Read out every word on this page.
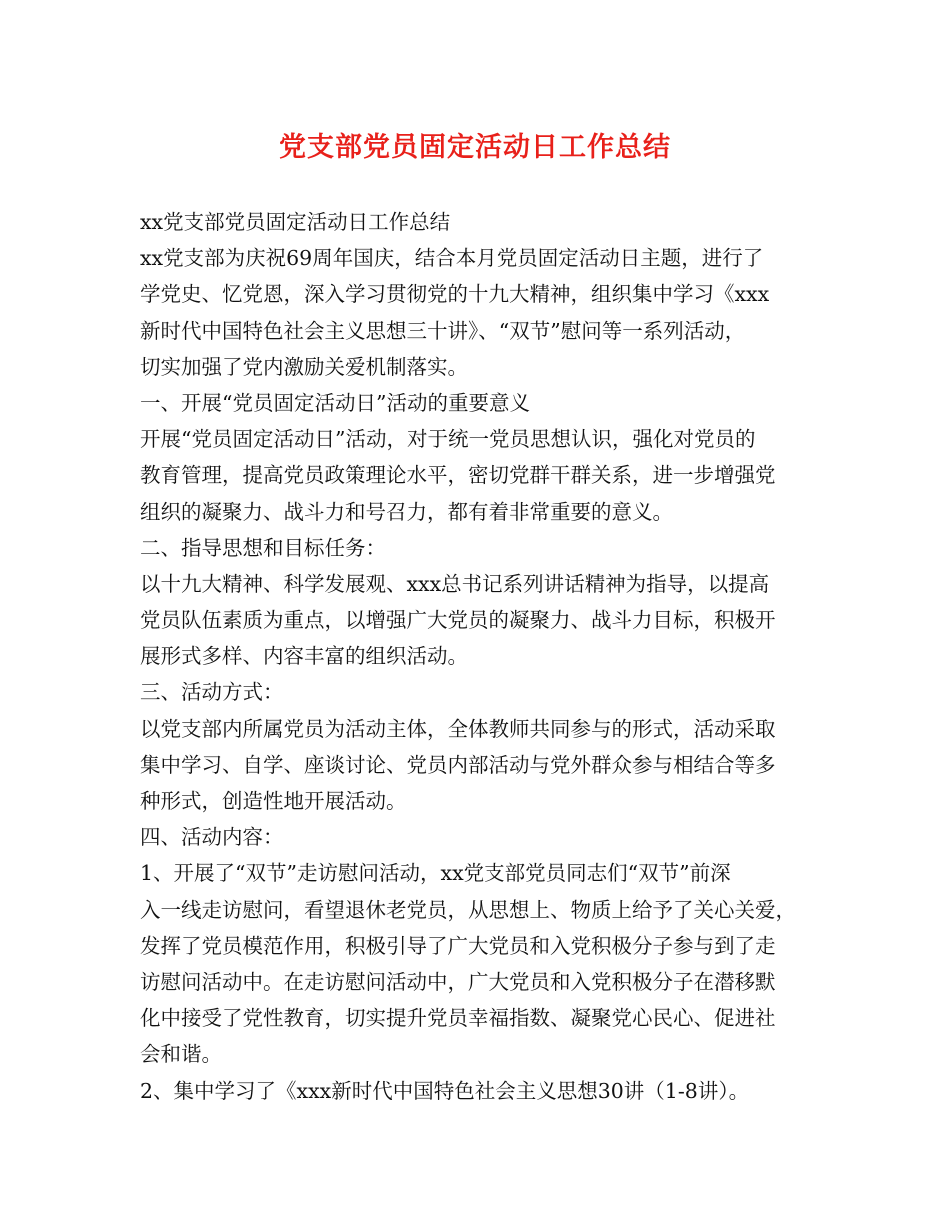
党支部党员固定活动日工作总结
xx党支部党员固定活动日工作总结
xx党支部为庆祝69周年国庆，结合本月党员固定活动日主题，进行了
学党史、忆党恩，深入学习贯彻党的十九大精神，组织集中学习《xxx
新时代中国特色社会主义思想三十讲》、“双节”慰问等一系列活动，
切实加强了党内激励关爱机制落实。
一、开展“党员固定活动日”活动的重要意义
开展“党员固定活动日”活动，对于统一党员思想认识，强化对党员的
教育管理，提高党员政策理论水平，密切党群干群关系，进一步增强党
组织的凝聚力、战斗力和号召力，都有着非常重要的意义。
二、指导思想和目标任务：
以十九大精神、科学发展观、xxx总书记系列讲话精神为指导，以提高
党员队伍素质为重点，以增强广大党员的凝聚力、战斗力目标，积极开
展形式多样、内容丰富的组织活动。
三、活动方式：
以党支部内所属党员为活动主体，全体教师共同参与的形式，活动采取
集中学习、自学、座谈讨论、党员内部活动与党外群众参与相结合等多
种形式，创造性地开展活动。
四、活动内容：
1、开展了“双节”走访慰问活动，xx党支部党员同志们“双节”前深
入一线走访慰问，看望退休老党员，从思想上、物质上给予了关心关爱，
发挥了党员模范作用，积极引导了广大党员和入党积极分子参与到了走
访慰问活动中。在走访慰问活动中，广大党员和入党积极分子在潜移默
化中接受了党性教育，切实提升党员幸福指数、凝聚党心民心、促进社
会和谐。
2、集中学习了《xxx新时代中国特色社会主义思想30讲（1-8讲）。
